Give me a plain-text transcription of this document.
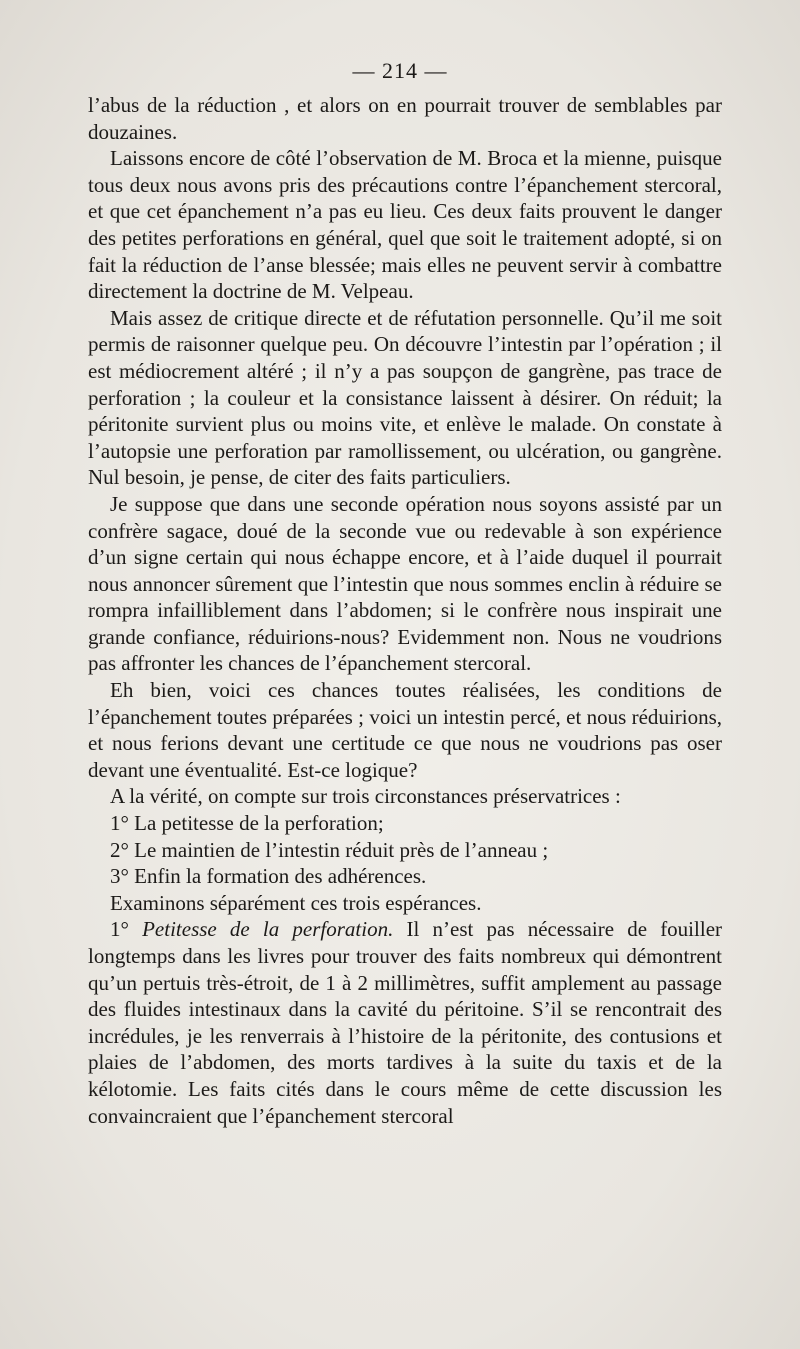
— 214 —

l’abus de la réduction , et alors on en pourrait trouver de semblables par douzaines.

Laissons encore de côté l’observation de M. Broca et la mienne, puisque tous deux nous avons pris des précautions contre l’épanchement stercoral, et que cet épanchement n’a pas eu lieu. Ces deux faits prouvent le danger des petites perforations en général, quel que soit le traitement adopté, si on fait la réduction de l’anse blessée; mais elles ne peuvent servir à combattre directement la doctrine de M. Velpeau.

Mais assez de critique directe et de réfutation personnelle. Qu’il me soit permis de raisonner quelque peu. On découvre l’intestin par l’opération ; il est médiocrement altéré ; il n’y a pas soupçon de gangrène, pas trace de perforation ; la couleur et la consistance laissent à désirer. On réduit; la péritonite survient plus ou moins vite, et enlève le malade. On constate à l’autopsie une perforation par ramollissement, ou ulcération, ou gangrène. Nul besoin, je pense, de citer des faits particuliers.

Je suppose que dans une seconde opération nous soyons assisté par un confrère sagace, doué de la seconde vue ou redevable à son expérience d’un signe certain qui nous échappe encore, et à l’aide duquel il pourrait nous annoncer sûrement que l’intestin que nous sommes enclin à réduire se rompra infailliblement dans l’abdomen; si le confrère nous inspirait une grande confiance, réduirions-nous? Evidemment non. Nous ne voudrions pas affronter les chances de l’épanchement stercoral.

Eh bien, voici ces chances toutes réalisées, les conditions de l’épanchement toutes préparées ; voici un intestin percé, et nous réduirions, et nous ferions devant une certitude ce que nous ne voudrions pas oser devant une éventualité. Est-ce logique?

A la vérité, on compte sur trois circonstances préservatrices :

1° La petitesse de la perforation;

2° Le maintien de l’intestin réduit près de l’anneau ;

3° Enfin la formation des adhérences.

Examinons séparément ces trois espérances.

1° Petitesse de la perforation. Il n’est pas nécessaire de fouiller longtemps dans les livres pour trouver des faits nombreux qui démontrent qu’un pertuis très-étroit, de 1 à 2 millimètres, suffit amplement au passage des fluides intestinaux dans la cavité du péritoine. S’il se rencontrait des incrédules, je les renverrais à l’histoire de la péritonite, des contusions et plaies de l’abdomen, des morts tardives à la suite du taxis et de la kélotomie. Les faits cités dans le cours même de cette discussion les convaincraient que l’épanchement stercoral
